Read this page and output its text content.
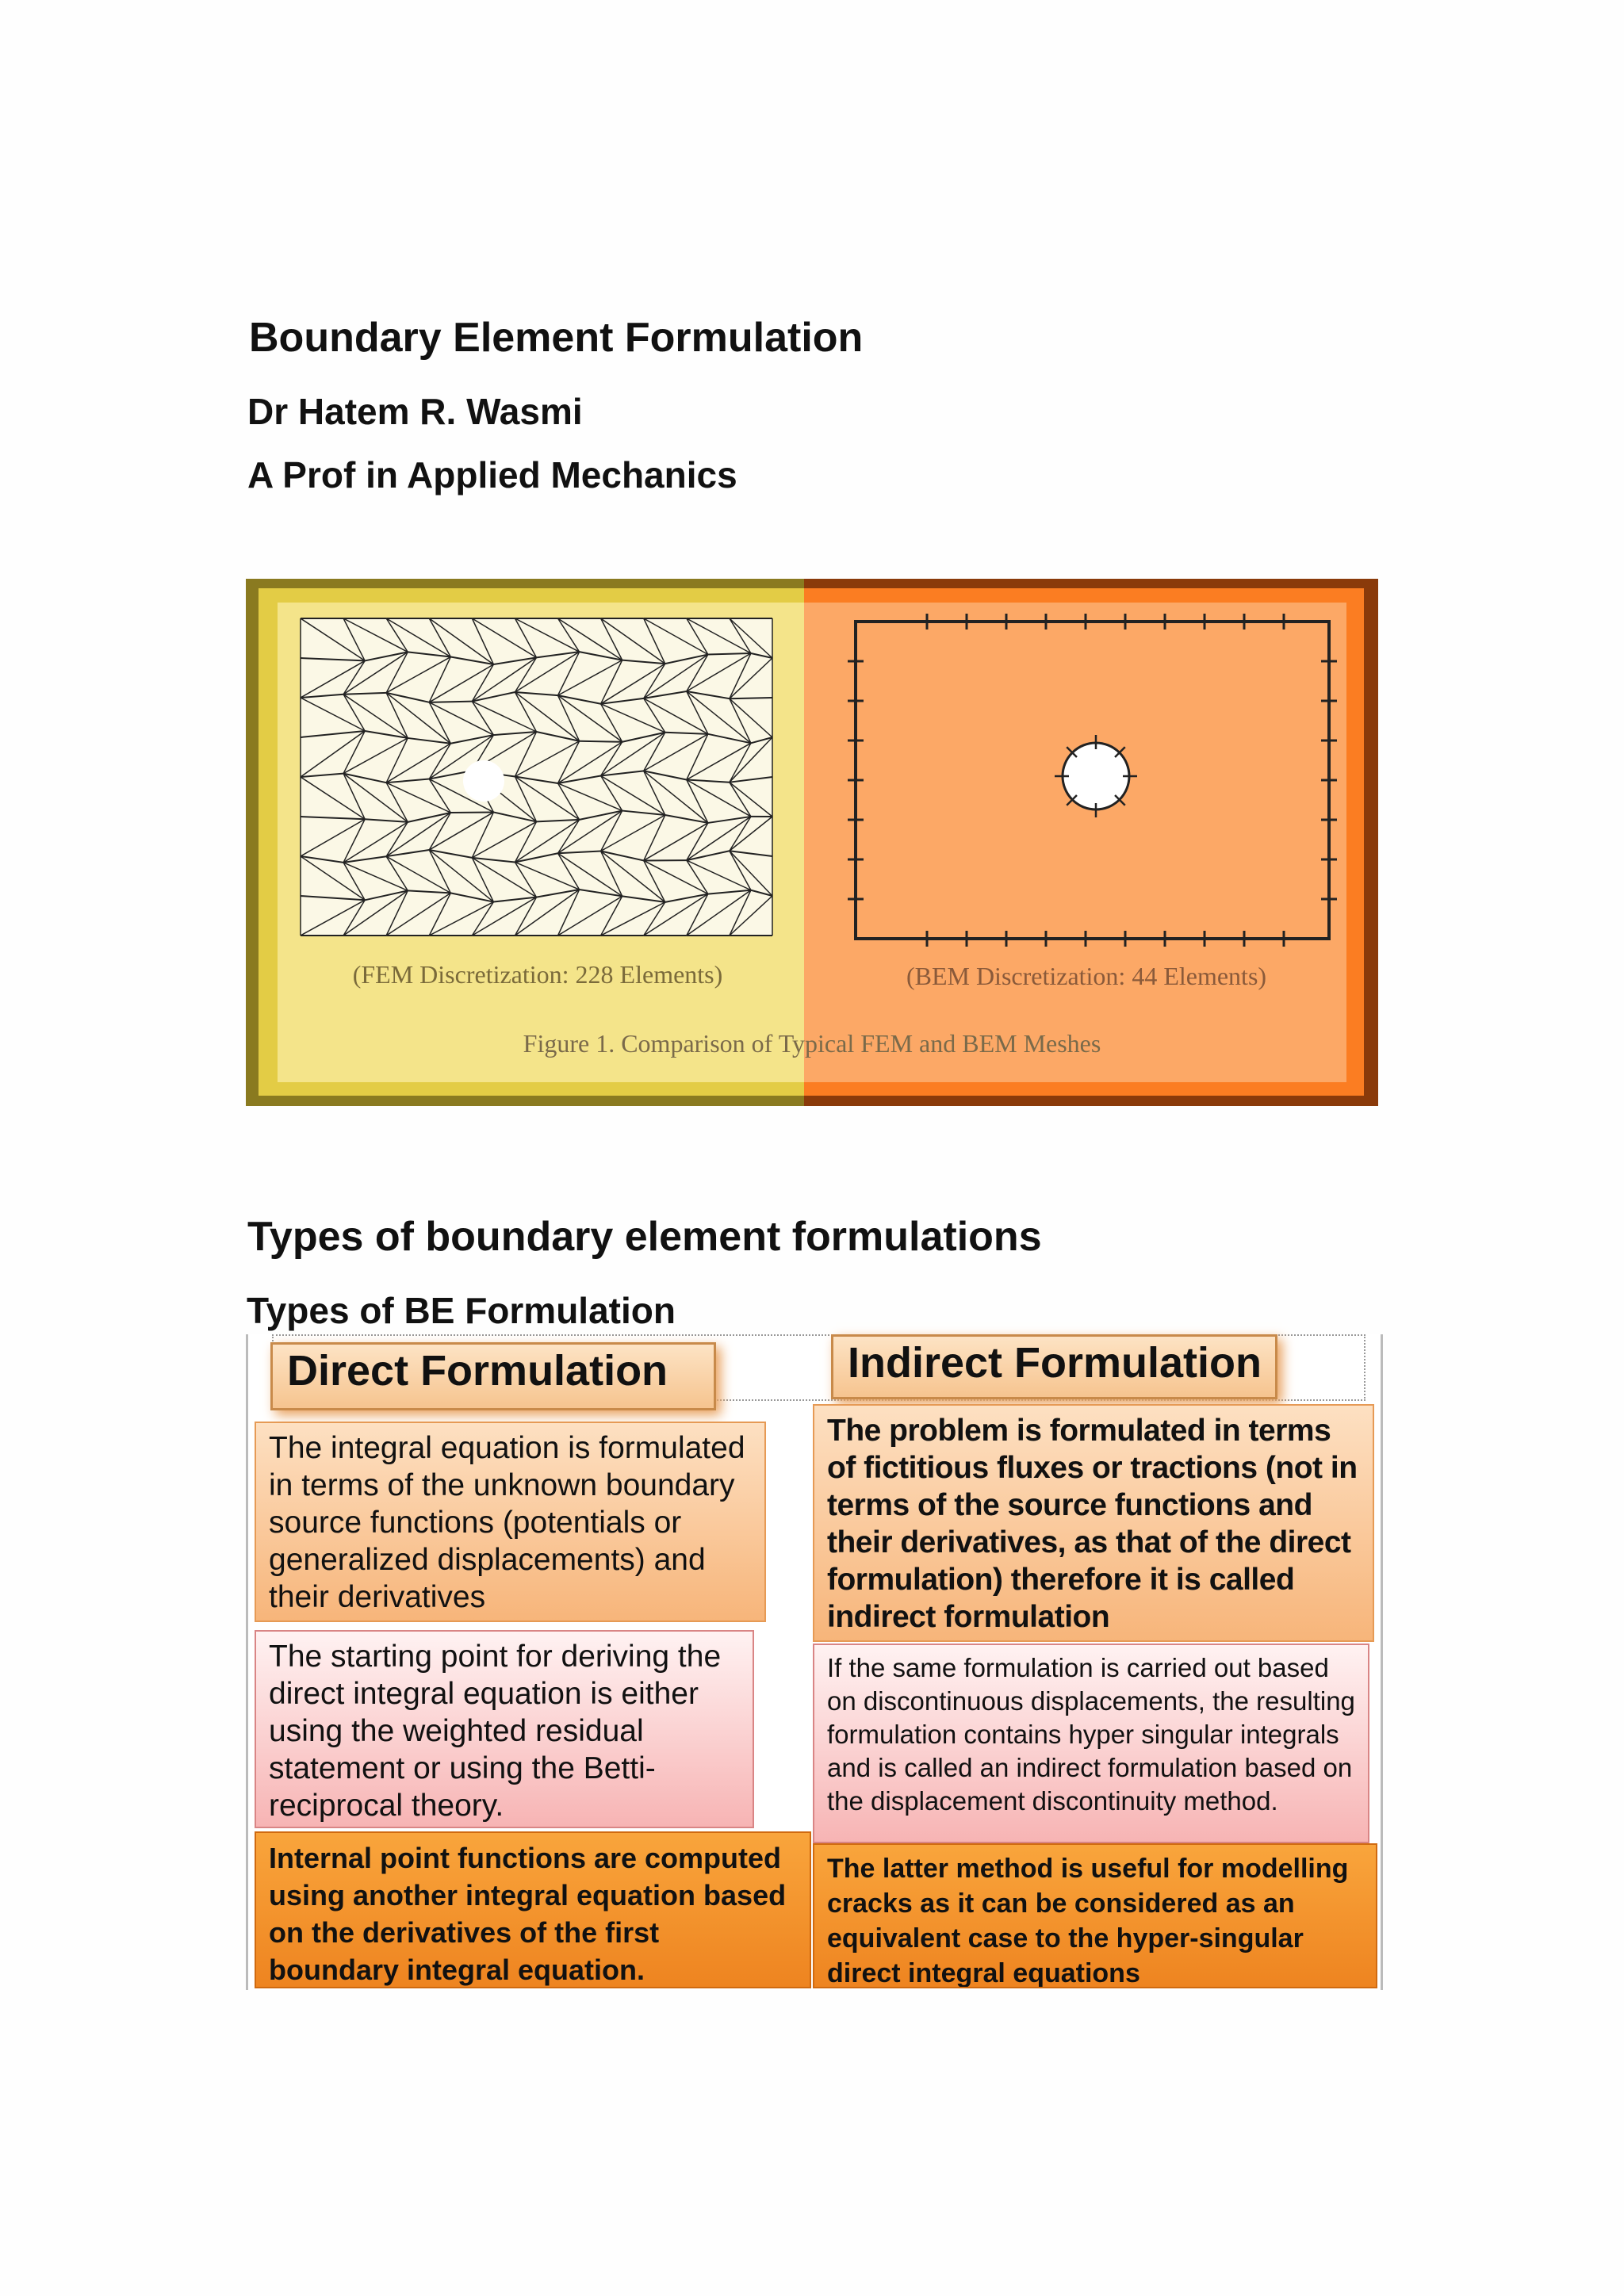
Boundary Element Formulation
Dr Hatem R. Wasmi
A Prof in Applied Mechanics
(FEM Discretization: 228 Elements)	(BEM Discretization: 44 Elements)
Figure 1. Comparison of Typical FEM and BEM Meshes
Types of boundary element formulations
Types of BE Formulation
Direct Formulation	Indirect Formulation
The integral equation is formulated in terms of the unknown boundary source functions (potentials or generalized displacements) and their derivatives
The starting point for deriving the direct integral equation is either using the weighted residual statement or using the Betti-reciprocal theory.
Internal point functions are computed using another integral equation based on the derivatives of the first boundary integral equation.
The problem is formulated in terms of fictitious fluxes or tractions (not in terms of the source functions and their derivatives, as that of the direct formulation) therefore it is called indirect formulation
If the same formulation is carried out based on discontinuous displacements, the resulting formulation contains hyper singular integrals and is called an indirect formulation based on the displacement discontinuity method.
The latter method is useful for modelling cracks as it can be considered as an equivalent case to the hyper-singular direct integral equations
